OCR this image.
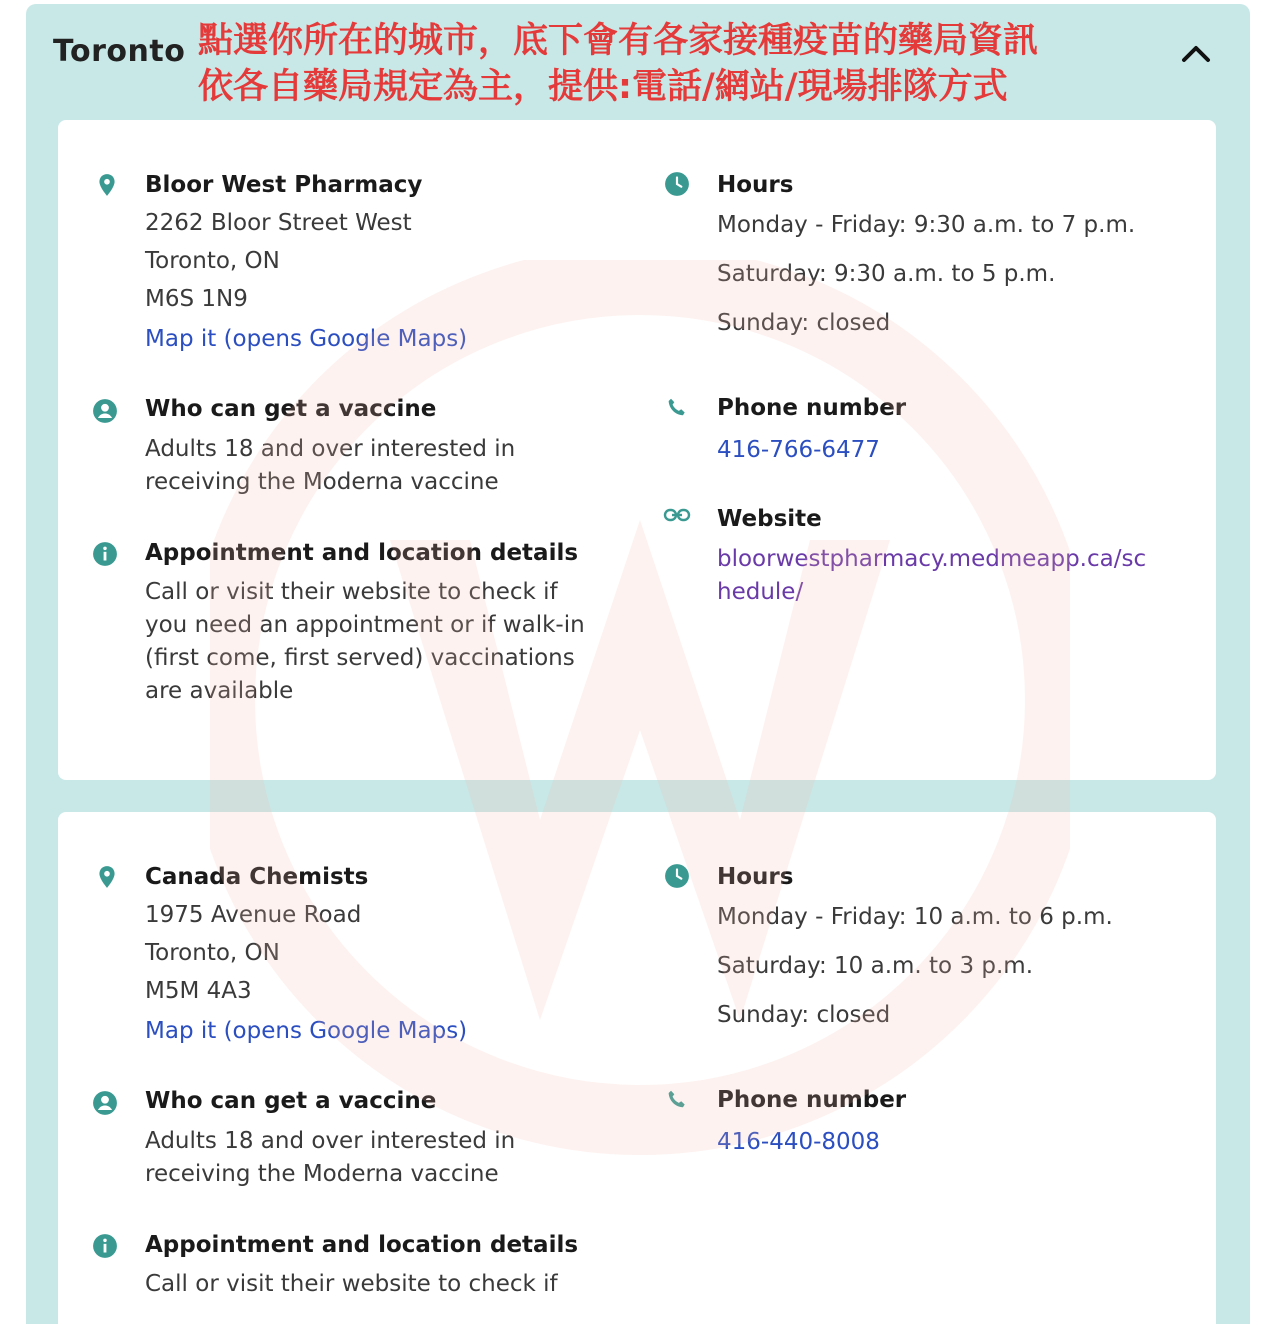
Toronto 點選你所在的城市，底下會有各家接種疫苗的藥局資訊
依各自藥局規定為主，提供:電話/網站/現場排隊方式
Bloor West Pharmacy
2262 Bloor Street West
Toronto, ON
M6S 1N9
Map it (opens Google Maps)
Who can get a vaccine
Adults 18 and over interested in
receiving the Moderna vaccine
Appointment and location details
Call or visit their website to check if
you need an appointment or if walk-in
(first come, first served) vaccinations
are available
Hours
Monday - Friday: 9:30 a.m. to 7 p.m.
Saturday: 9:30 a.m. to 5 p.m.
Sunday: closed
Phone number
416-766-6477
Website
bloorwestpharmacy.medmeapp.ca/schedule/
Canada Chemists
1975 Avenue Road
Toronto, ON
M5M 4A3
Map it (opens Google Maps)
Who can get a vaccine
Adults 18 and over interested in
receiving the Moderna vaccine
Appointment and location details
Call or visit their website to check if
Hours
Monday - Friday: 10 a.m. to 6 p.m.
Saturday: 10 a.m. to 3 p.m.
Sunday: closed
Phone number
416-440-8008
